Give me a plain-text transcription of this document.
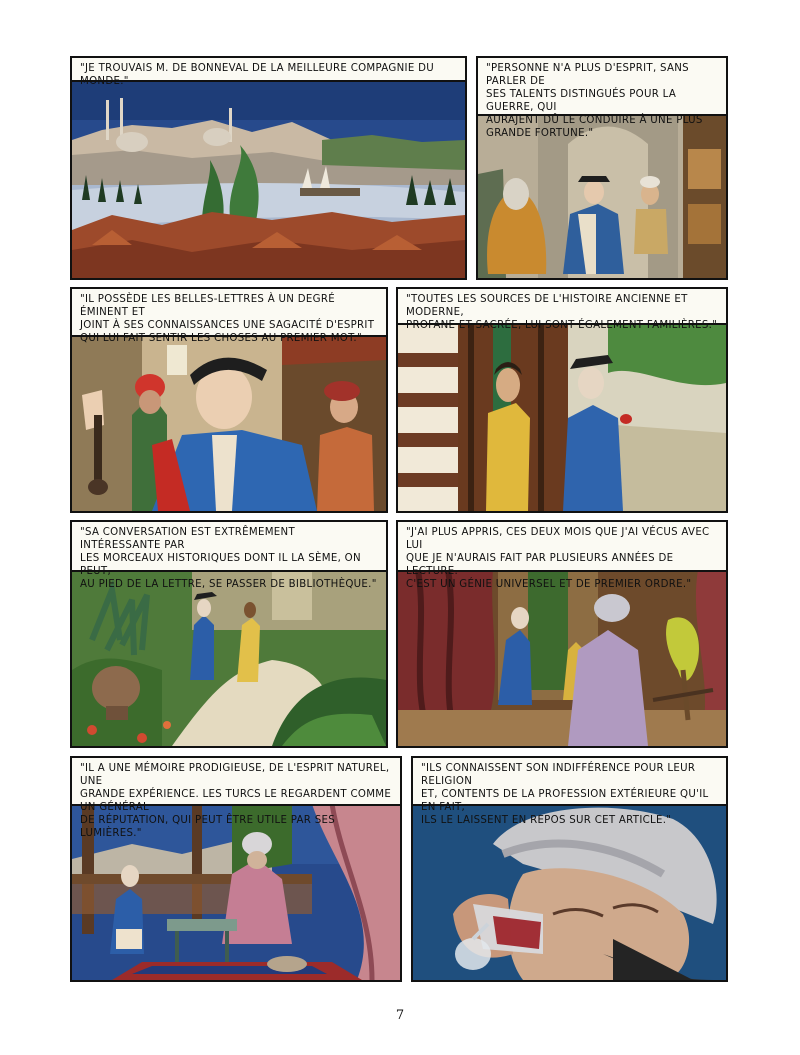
"JE TROUVAIS M. DE BONNEVAL DE LA MEILLEURE COMPAGNIE DU MONDE."
"PERSONNE N'A PLUS D'ESPRIT, SANS PARLER DE
SES TALENTS DISTINGUÉS POUR LA GUERRE, QUI
AURAJENT DÛ LE CONDUIRE À UNE PLUS
GRANDE FORTUNE."
"IL POSSÈDE LES BELLES-LETTRES À UN DEGRÉ ÉMINENT ET
JOINT À SES CONNAISSANCES UNE SAGACITÉ D'ESPRIT
QUI LUI FAIT SENTIR LES CHOSES AU PREMIER MOT."
"TOUTES LES SOURCES DE L'HISTOIRE ANCIENNE ET MODERNE,
PROFANE ET SACRÉE, LUI SONT ÉGALEMENT FAMILIÈRES."
"SA CONVERSATION EST EXTRÊMEMENT INTÉRESSANTE PAR
LES MORCEAUX HISTORIQUES DONT IL LA SÈME, ON PEUT,
AU PIED DE LA LETTRE, SE PASSER DE BIBLIOTHÈQUE."
"J'AI PLUS APPRIS, CES DEUX MOIS QUE J'AI VÉCUS AVEC LUI
QUE JE N'AURAIS FAIT PAR PLUSIEURS ANNÉES DE LECTURE.
C'EST UN GÉNIE UNIVERSEL ET DE PREMIER ORDRE."
"IL A UNE MÉMOIRE PRODIGIEUSE, DE L'ESPRIT NATUREL, UNE
GRANDE EXPÉRIENCE. LES TURCS LE REGARDENT COMME UN GÉNÉRAL
DE RÉPUTATION, QUI PEUT ÊTRE UTILE PAR SES LUMIÈRES."
"ILS CONNAISSENT SON INDIFFÉRENCE POUR LEUR RELIGION
ET, CONTENTS DE LA PROFESSION EXTÉRIEURE QU'IL EN FAIT,
ILS LE LAISSENT EN REPOS SUR CET ARTICLE."
7
